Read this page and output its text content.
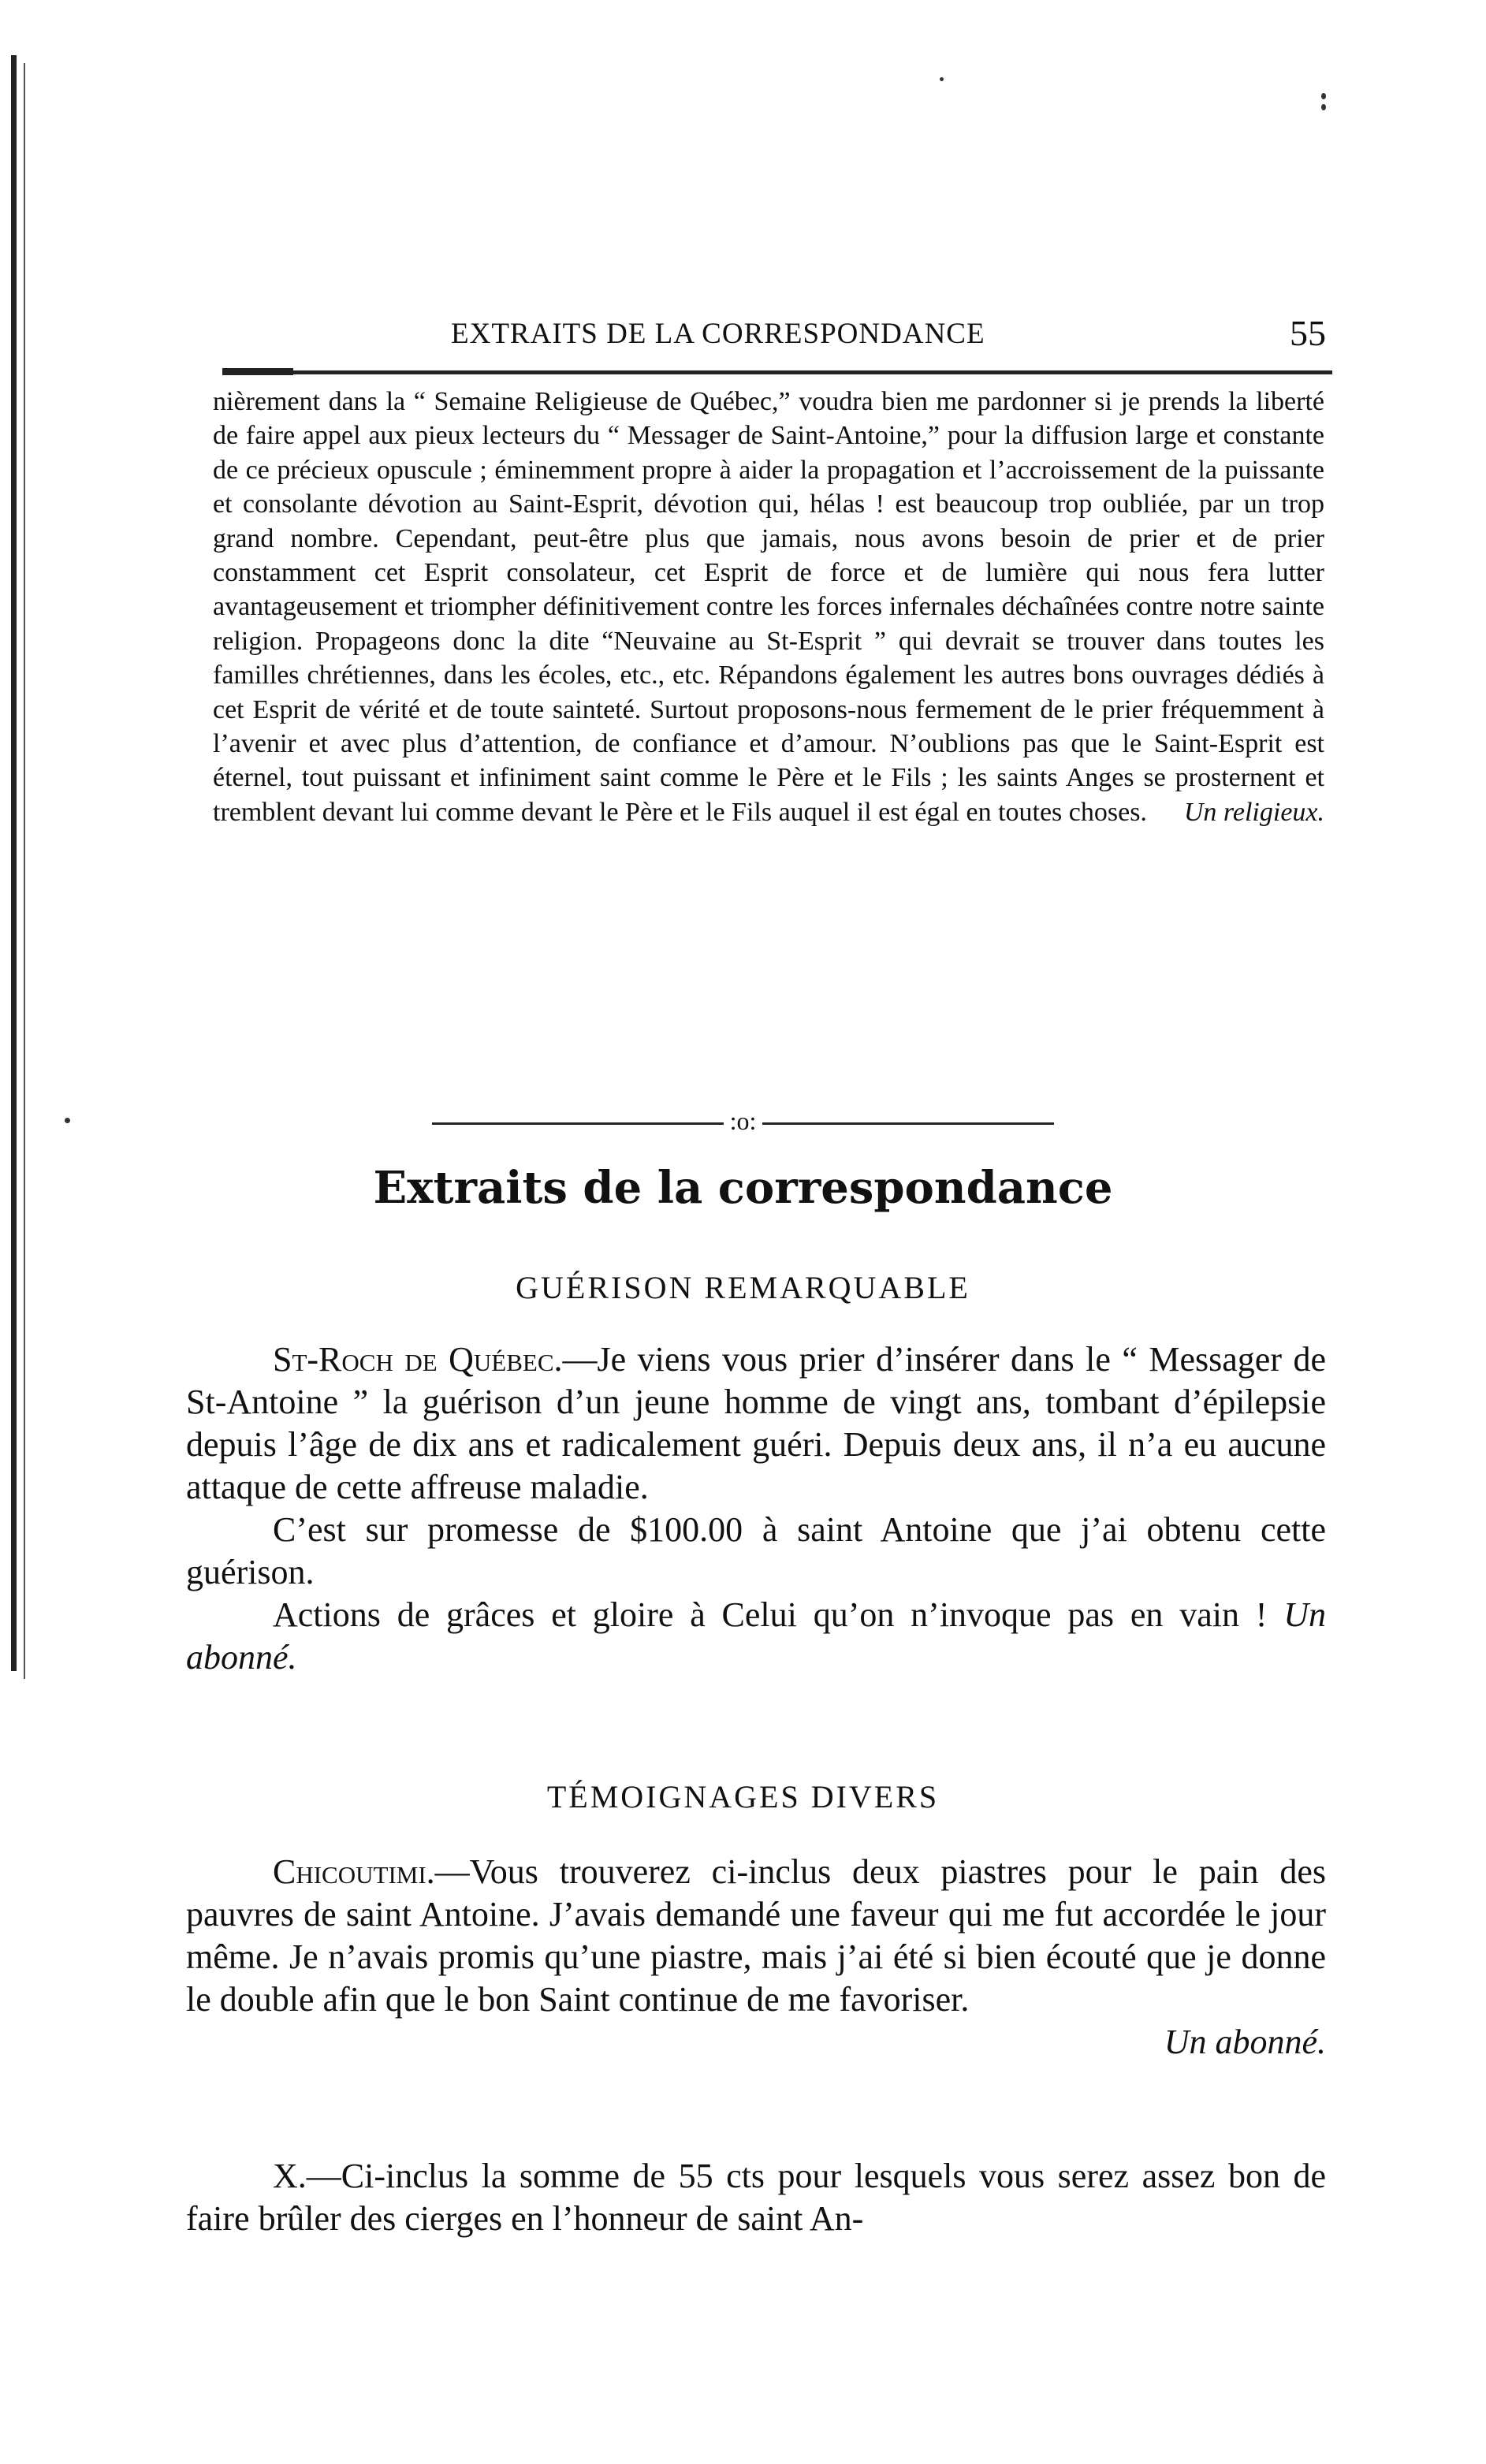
EXTRAITS DE LA CORRESPONDANCE	55

nièrement dans la “ Semaine Religieuse de Québec,” voudra bien me pardonner si je prends la liberté de faire appel aux pieux lecteurs du “ Messager de Saint-Antoine,” pour la diffusion large et constante de ce précieux opuscule ; éminemment propre à aider la propagation et l’accroissement de la puissante et consolante dévotion au Saint-Esprit, dévotion qui, hélas ! est beaucoup trop oubliée, par un trop grand nombre. Cependant, peut-être plus que jamais, nous avons besoin de prier et de prier constamment cet Esprit consolateur, cet Esprit de force et de lumière qui nous fera lutter avantageusement et triompher définitivement contre les forces infernales déchaînées contre notre sainte religion. Propageons donc la dite “Neuvaine au St-Esprit ” qui devrait se trouver dans toutes les familles chrétiennes, dans les écoles, etc., etc. Répandons également les autres bons ouvrages dédiés à cet Esprit de vérité et de toute sainteté. Surtout proposons-nous fermement de le prier fréquemment à l’avenir et avec plus d’attention, de confiance et d’amour. N’oublions pas que le Saint-Esprit est éternel, tout puissant et infiniment saint comme le Père et le Fils ; les saints Anges se prosternent et tremblent devant lui comme devant le Père et le Fils auquel il est égal en toutes choses. Un religieux.

:o:
Extraits de la correspondance
GUÉRISON REMARQUABLE

St-Roch de Québec.—Je viens vous prier d’insérer dans le “ Messager de St-Antoine ” la guérison d’un jeune homme de vingt ans, tombant d’épilepsie depuis l’âge de dix ans et radicalement guéri. Depuis deux ans, il n’a eu aucune attaque de cette affreuse maladie.

C’est sur promesse de $100.00 à saint Antoine que j’ai obtenu cette guérison.

Actions de grâces et gloire à Celui qu’on n’invoque pas en vain ! Un abonné.

TÉMOIGNAGES DIVERS

Chicoutimi.—Vous trouverez ci-inclus deux piastres pour le pain des pauvres de saint Antoine. J’avais demandé une faveur qui me fut accordée le jour même. Je n’avais promis qu’une piastre, mais j’ai été si bien écouté que je donne le double afin que le bon Saint continue de me favoriser.

Un abonné.

X.—Ci-inclus la somme de 55 cts pour lesquels vous serez assez bon de faire brûler des cierges en l’honneur de saint An-
